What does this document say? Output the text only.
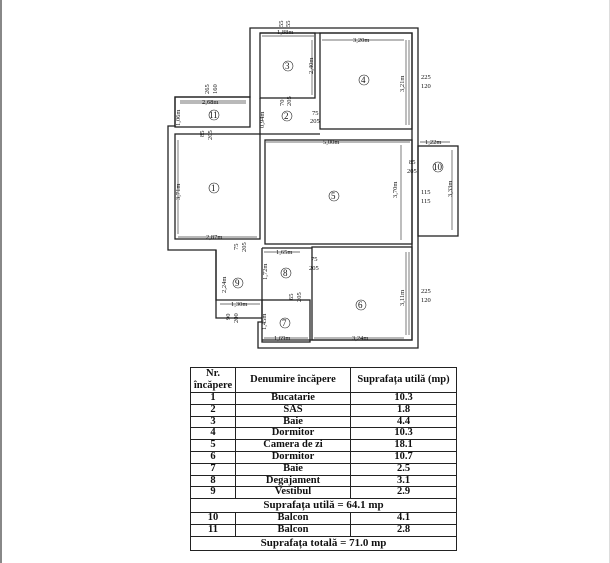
1
2
3
4
5
6
7
8
9
10
11
55 55
1,88m
3,20m
2,40m
3,21m 225
120
265 160
2,68m	70 205
75
205
1,06m	0,94m
85 205
5,00m	1,22m
85
205
3,71m	3,70m	3,33m
115
115
2,87m
75 205
1,65m
75
205
2,24m
1,72m
225
120
3,11m
1,30m
65 205
90 200	1,45m
1,69m	3,24m
Nr. încăpere	Denumire încăpere	Suprafața utilă (mp)
1	Bucatarie	10.3
2	SAS	1.8
3	Baie	4.4
4	Dormitor	10.3
5	Camera de zi	18.1
6	Dormitor	10.7
7	Baie	2.5
8	Degajament	3.1
9	Vestibul	2.9
Suprafața utilă = 64.1 mp		
10	Balcon	4.1
11	Balcon	2.8
Suprafața totală = 71.0 mp		
